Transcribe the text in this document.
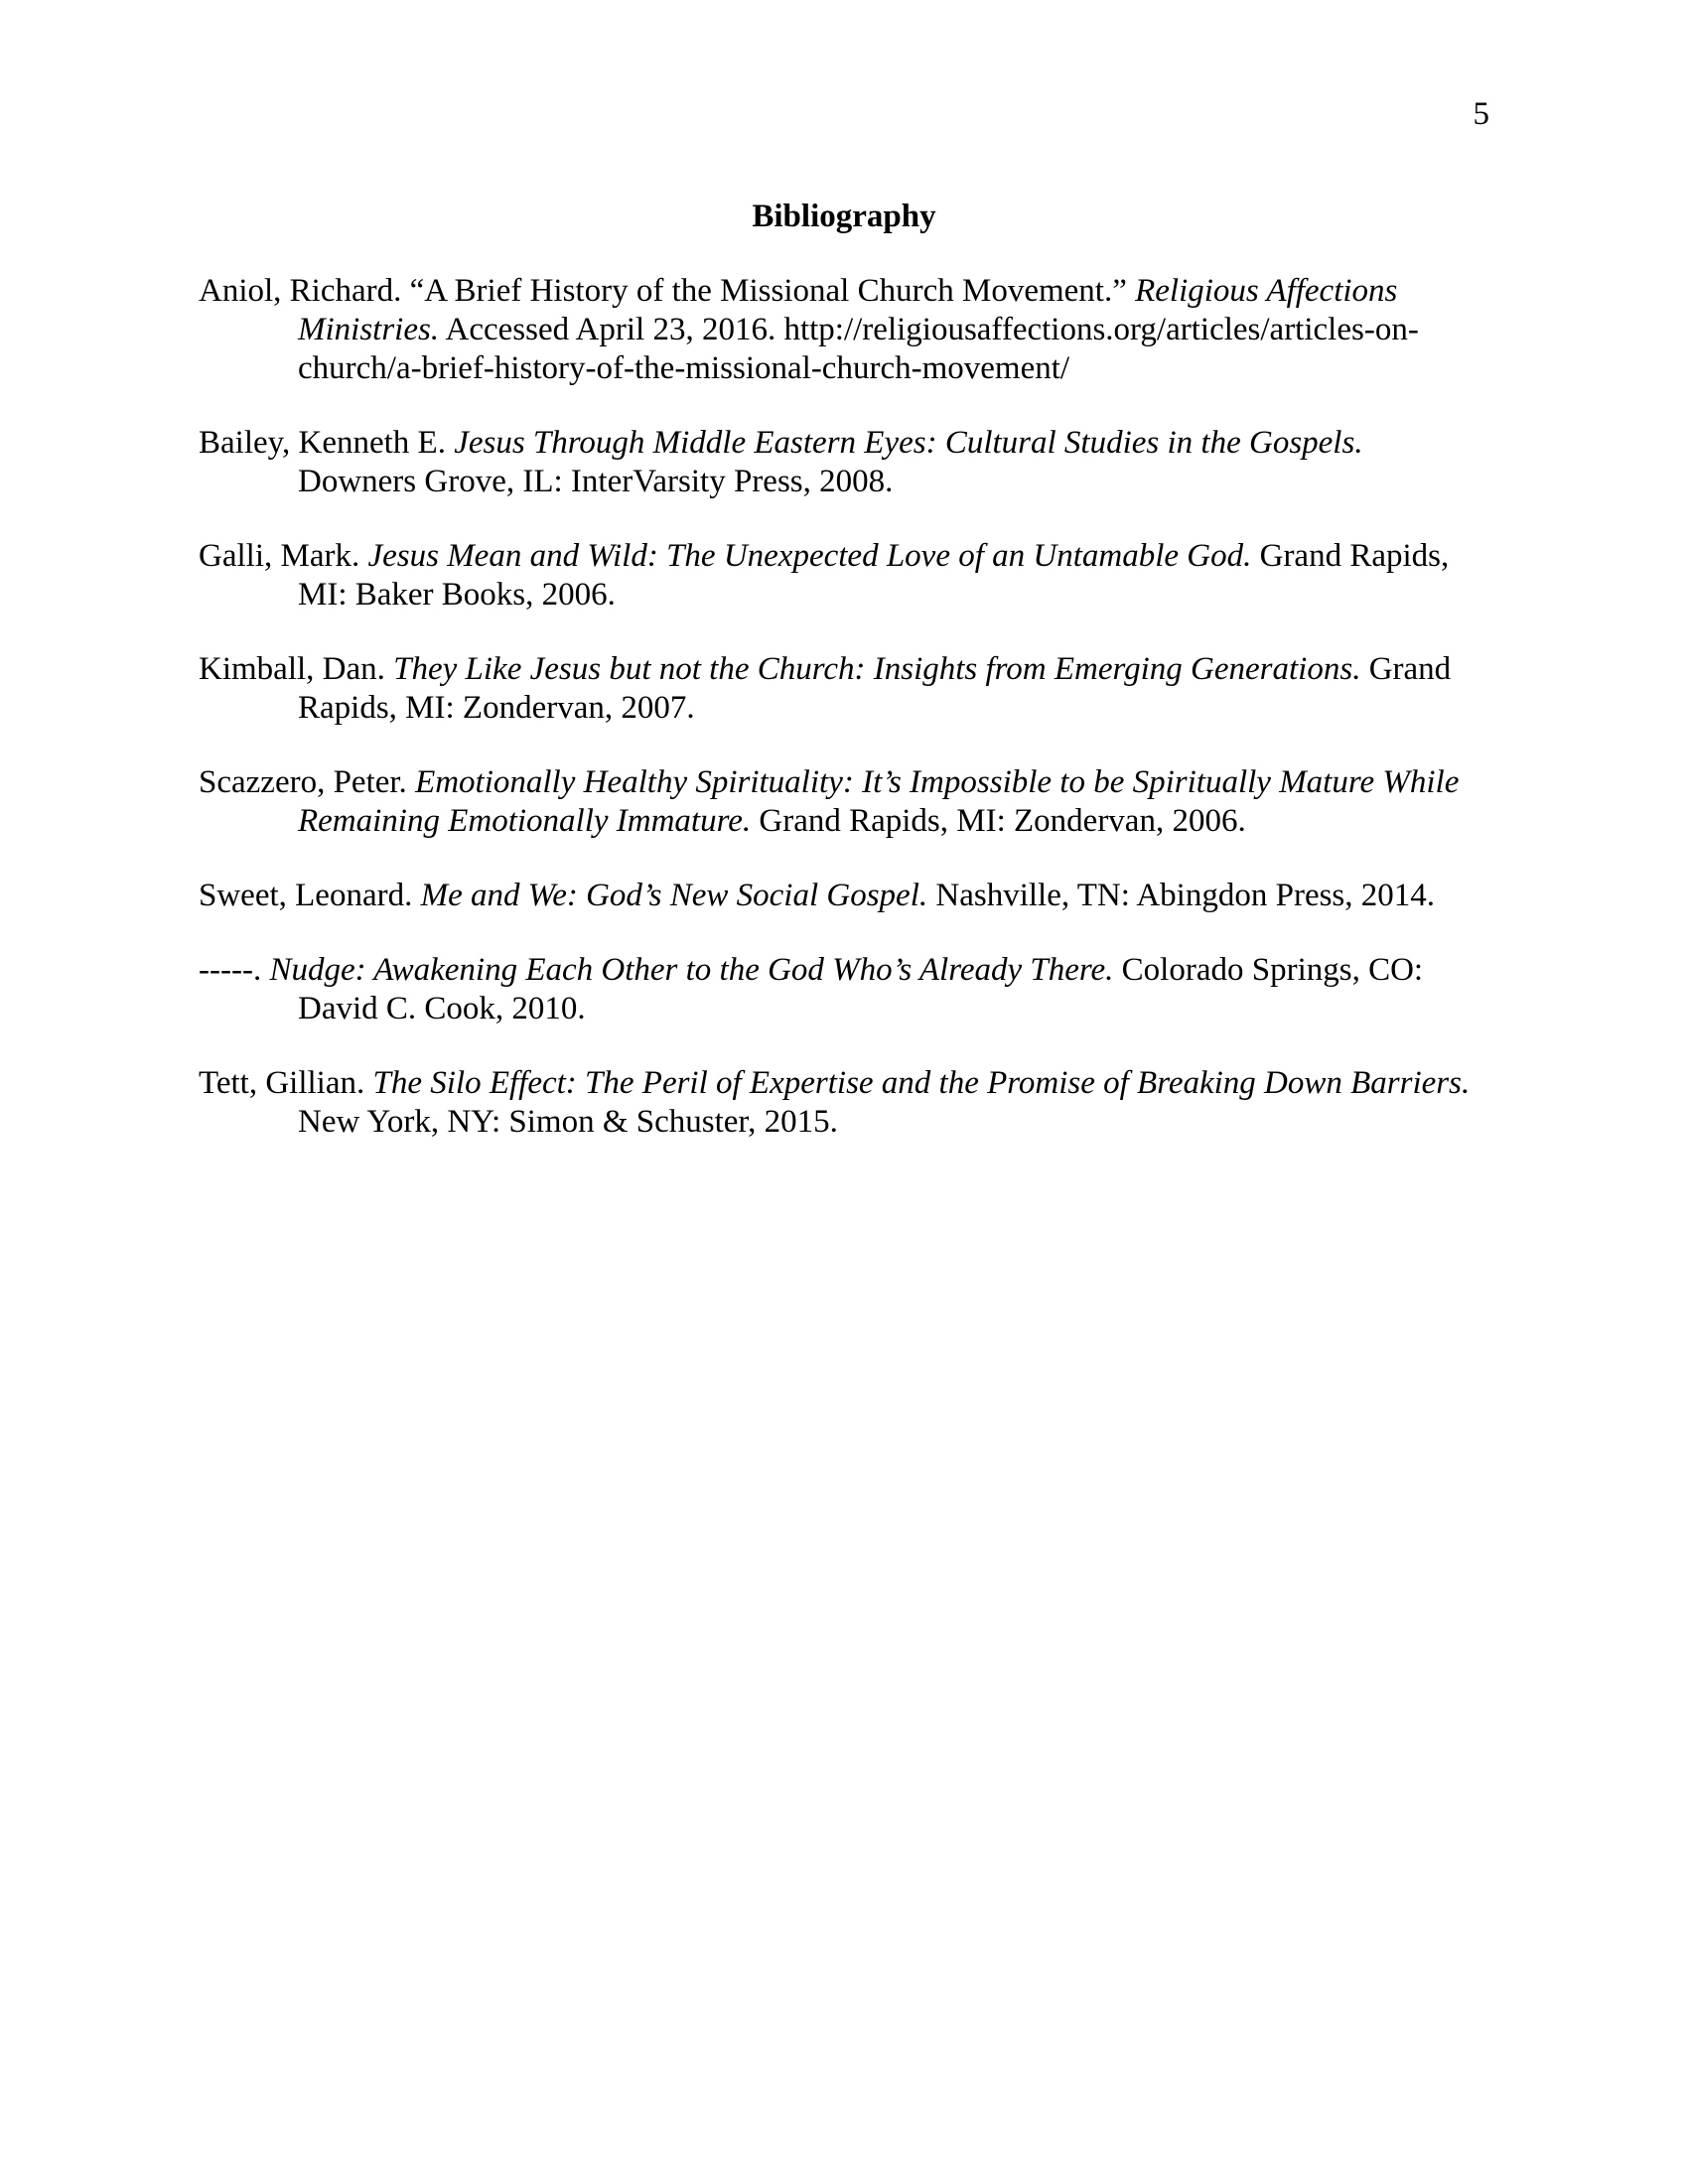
5
Bibliography

Aniol, Richard. “A Brief History of the Missional Church Movement.” Religious Affections
Ministries. Accessed April 23, 2016. http://religiousaffections.org/articles/articles-on-
church/a-brief-history-of-the-missional-church-movement/

Bailey, Kenneth E. Jesus Through Middle Eastern Eyes: Cultural Studies in the Gospels.
Downers Grove, IL: InterVarsity Press, 2008.

Galli, Mark. Jesus Mean and Wild: The Unexpected Love of an Untamable God. Grand Rapids,
MI: Baker Books, 2006.

Kimball, Dan. They Like Jesus but not the Church: Insights from Emerging Generations. Grand
Rapids, MI: Zondervan, 2007.

Scazzero, Peter. Emotionally Healthy Spirituality: It’s Impossible to be Spiritually Mature While
Remaining Emotionally Immature. Grand Rapids, MI: Zondervan, 2006.

Sweet, Leonard. Me and We: God’s New Social Gospel. Nashville, TN: Abingdon Press, 2014.

-----. Nudge: Awakening Each Other to the God Who’s Already There. Colorado Springs, CO:
David C. Cook, 2010.

Tett, Gillian. The Silo Effect: The Peril of Expertise and the Promise of Breaking Down Barriers.
New York, NY: Simon & Schuster, 2015.
